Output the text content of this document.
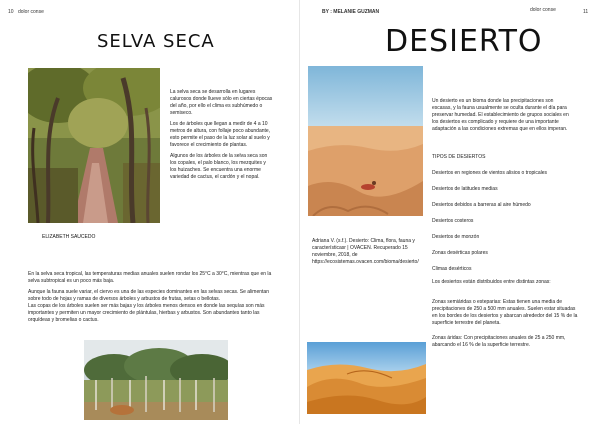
10 dolor conse	BY : MELANIE GUZMAN	dolor conse	11
SELVA SECA

La selva seca se desarrolla en lugares calurosos donde llueve sólo en ciertas épocas del año, por ello el clima es subhúmedo o semiseco.

Los de árboles que llegan a medir de 4 a 10 metros de altura, con follaje poco abundante, esto permite el paso de la luz solar al suelo y favorece el crecimiento de plantas.

Algunos de los árboles de la selva seca son los copales, el palo blanco, los mezquites y los huizaches. Se encuentra una enorme variedad de cactus, el cardón y el nopal.

ELIZABETH SAUCEDO

En la selva seca tropical, las temperaturas medias anuales suelen rondar los 25°C a 30°C, mientras que en la selva subtropical es un poco más baja.

Aunque la fauna suele variar, el ciervo es una de las especies dominantes en las selvas secas. Se alimentan sobre todo de hojas y ramas de diversos árboles y arbustos de frutas, setas o bellotas.

Las copas de los árboles suelen ser más bajas y los árboles menos densos en donde las sequías son más importantes y permiten un mayor crecimiento de plántulas, hierbas y arbustos. Son abundantes tanto las orquídeas y bromelias o cactus.

DESIERTO
Un desierto es un bioma donde las precipitaciones son escasas, y la fauna usualmente se oculta durante el día para preservar humedad. El establecimiento de grupos sociales en los desiertos es complicado y requiere de una importante adaptación a las condiciones extremas que en ellos imperan.
TIPOS DE DESIERTOS
Desiertos en regiones de vientos alisios o tropicales
Desiertos de latitudes medias
Desiertos debidos a barreras al aire húmedo
Desiertos costeros
Desiertos de monzón
Zonas desérticas polares
Climas desérticos
Adriana V. (s.f.). Desierto: Clima, flora, fauna y característicasr | OVACEN. Recuperado 15 noviembre, 2018, de https://ecosistemas.ovacen.com/bioma/desierto/
Los desiertos están distribuidos entre distintas zonas:

Zonas semiáridas o esteparias: Estas tienen una media de precipitaciones de 250 a 500 mm anuales. Suelen estar situadas en los bordes de los desiertos y abarcan alrededor del 15 % de la superficie terrestre del planeta.

Zonas áridas: Con precipitaciones anuales de 25 a 250 mm, abarcando el 16 % de la superficie terrestre.
